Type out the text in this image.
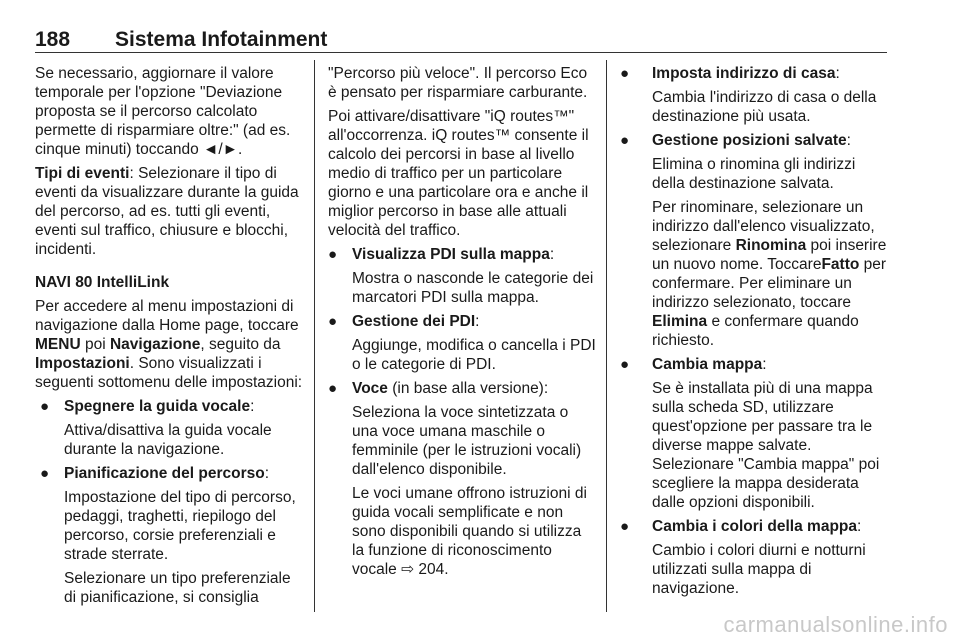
188 Sistema Infotainment

Se necessario, aggiornare il valore temporale per l'opzione "Deviazione proposta se il percorso calcolato permette di risparmiare oltre:" (ad es. cinque minuti) toccando ◄/►.

Tipi di eventi: Selezionare il tipo di eventi da visualizzare durante la guida del percorso, ad es. tutti gli eventi, eventi sul traffico, chiusure e blocchi, incidenti.

NAVI 80 IntelliLink

Per accedere al menu impostazioni di navigazione dalla Home page, toccare MENU poi Navigazione, seguito da Impostazioni. Sono visualizzati i seguenti sottomenu delle impostazioni:

● Spegnere la guida vocale:

Attiva/disattiva la guida vocale durante la navigazione.

● Pianificazione del percorso:

Impostazione del tipo di percorso, pedaggi, traghetti, riepilogo del percorso, corsie preferenziali e strade sterrate.

Selezionare un tipo preferenziale di pianificazione, si consiglia

"Percorso più veloce". Il percorso Eco è pensato per risparmiare carburante.

Poi attivare/disattivare "iQ routes™" all'occorrenza. iQ routes™ consente il calcolo dei percorsi in base al livello medio di traffico per un particolare giorno e una particolare ora e anche il miglior percorso in base alle attuali velocità del traffico.

● Visualizza PDI sulla mappa:

Mostra o nasconde le categorie dei marcatori PDI sulla mappa.

● Gestione dei PDI:

Aggiunge, modifica o cancella i PDI o le categorie di PDI.

● Voce (in base alla versione):

Seleziona la voce sintetizzata o una voce umana maschile o femminile (per le istruzioni vocali) dall'elenco disponibile.

Le voci umane offrono istruzioni di guida vocali semplificate e non sono disponibili quando si utilizza la funzione di riconoscimento vocale ⇨ 204.

● Imposta indirizzo di casa:

Cambia l'indirizzo di casa o della destinazione più usata.

● Gestione posizioni salvate:

Elimina o rinomina gli indirizzi della destinazione salvata.

Per rinominare, selezionare un indirizzo dall'elenco visualizzato, selezionare Rinomina poi inserire un nuovo nome. ToccareFatto per confermare. Per eliminare un indirizzo selezionato, toccare Elimina e confermare quando richiesto.

● Cambia mappa:

Se è installata più di una mappa sulla scheda SD, utilizzare quest'opzione per passare tra le diverse mappe salvate. Selezionare "Cambia mappa" poi scegliere la mappa desiderata dalle opzioni disponibili.

● Cambia i colori della mappa:

Cambio i colori diurni e notturni utilizzati sulla mappa di navigazione.

carmanualsonline.info
